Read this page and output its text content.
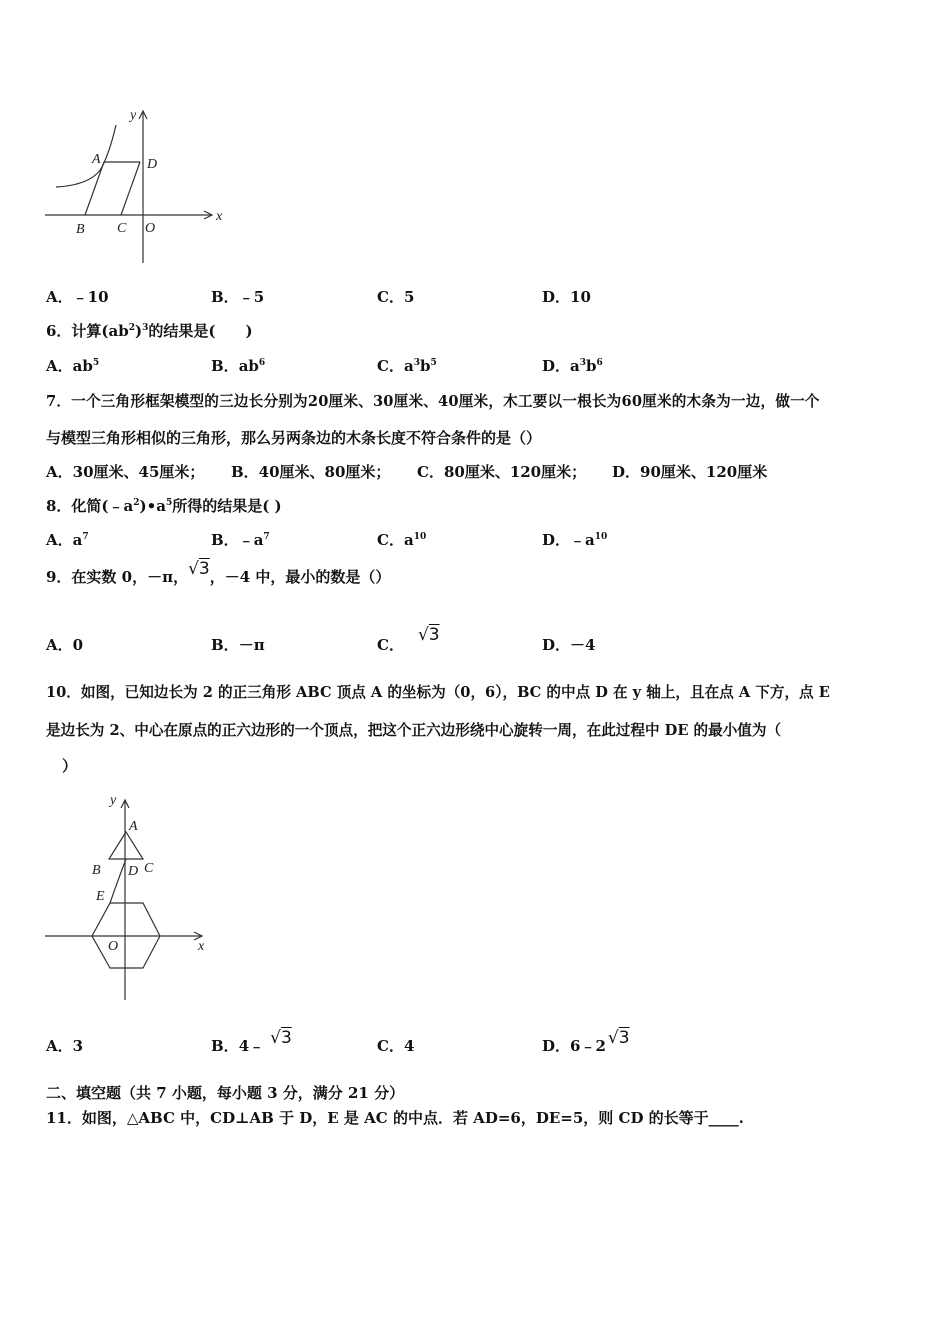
y
x
A	D
B C O
A．﹣10	B．﹣5	C．5	D．10
6．计算$(ab^2)^3$的结果是(　　)
A．$ab^5$	B．$ab^6$	C．$a^3b^5$	D．$a^3b^6$
7．一个三角形框架模型的三边长分别为20厘米、30厘米、40厘米，木工要以一根长为60厘米的木条为一边，做一个
与模型三角形相似的三角形，那么另两条边的木条长度不符合条件的是（）
A．30厘米、45厘米； B．40厘米、80厘米； C．80厘米、120厘米； D．90厘米、120厘米
8．化简$(﹣a^2)•a^5$所得的结果是( )
A．$a^7$	B．$﹣a^7$	C．$a^{10}$	D．$﹣a^{10}$
9．在实数 0，－π，√3，－4 中，最小的数是（）
A．0	B．－π	C． √3	D．－4
10．如图，已知边长为 2 的正三角形 ABC 顶点 A 的坐标为（0，6），BC 的中点 D 在 y 轴上，且在点 A 下方，点 E
是边长为 2、中心在原点的正六边形的一个顶点，把这个正六边形绕中心旋转一周，在此过程中 DE 的最小值为（
）
y
x
A
B D C
E
O
A．3	B．4﹣ √3	C．4	D．6﹣2 √3
二、填空题（共 7 小题，每小题 3 分，满分 21 分）
11．如图，△ABC 中，CD⊥AB 于 D，E 是 AC 的中点．若 AD=6，DE=5，则 CD 的长等于____.
